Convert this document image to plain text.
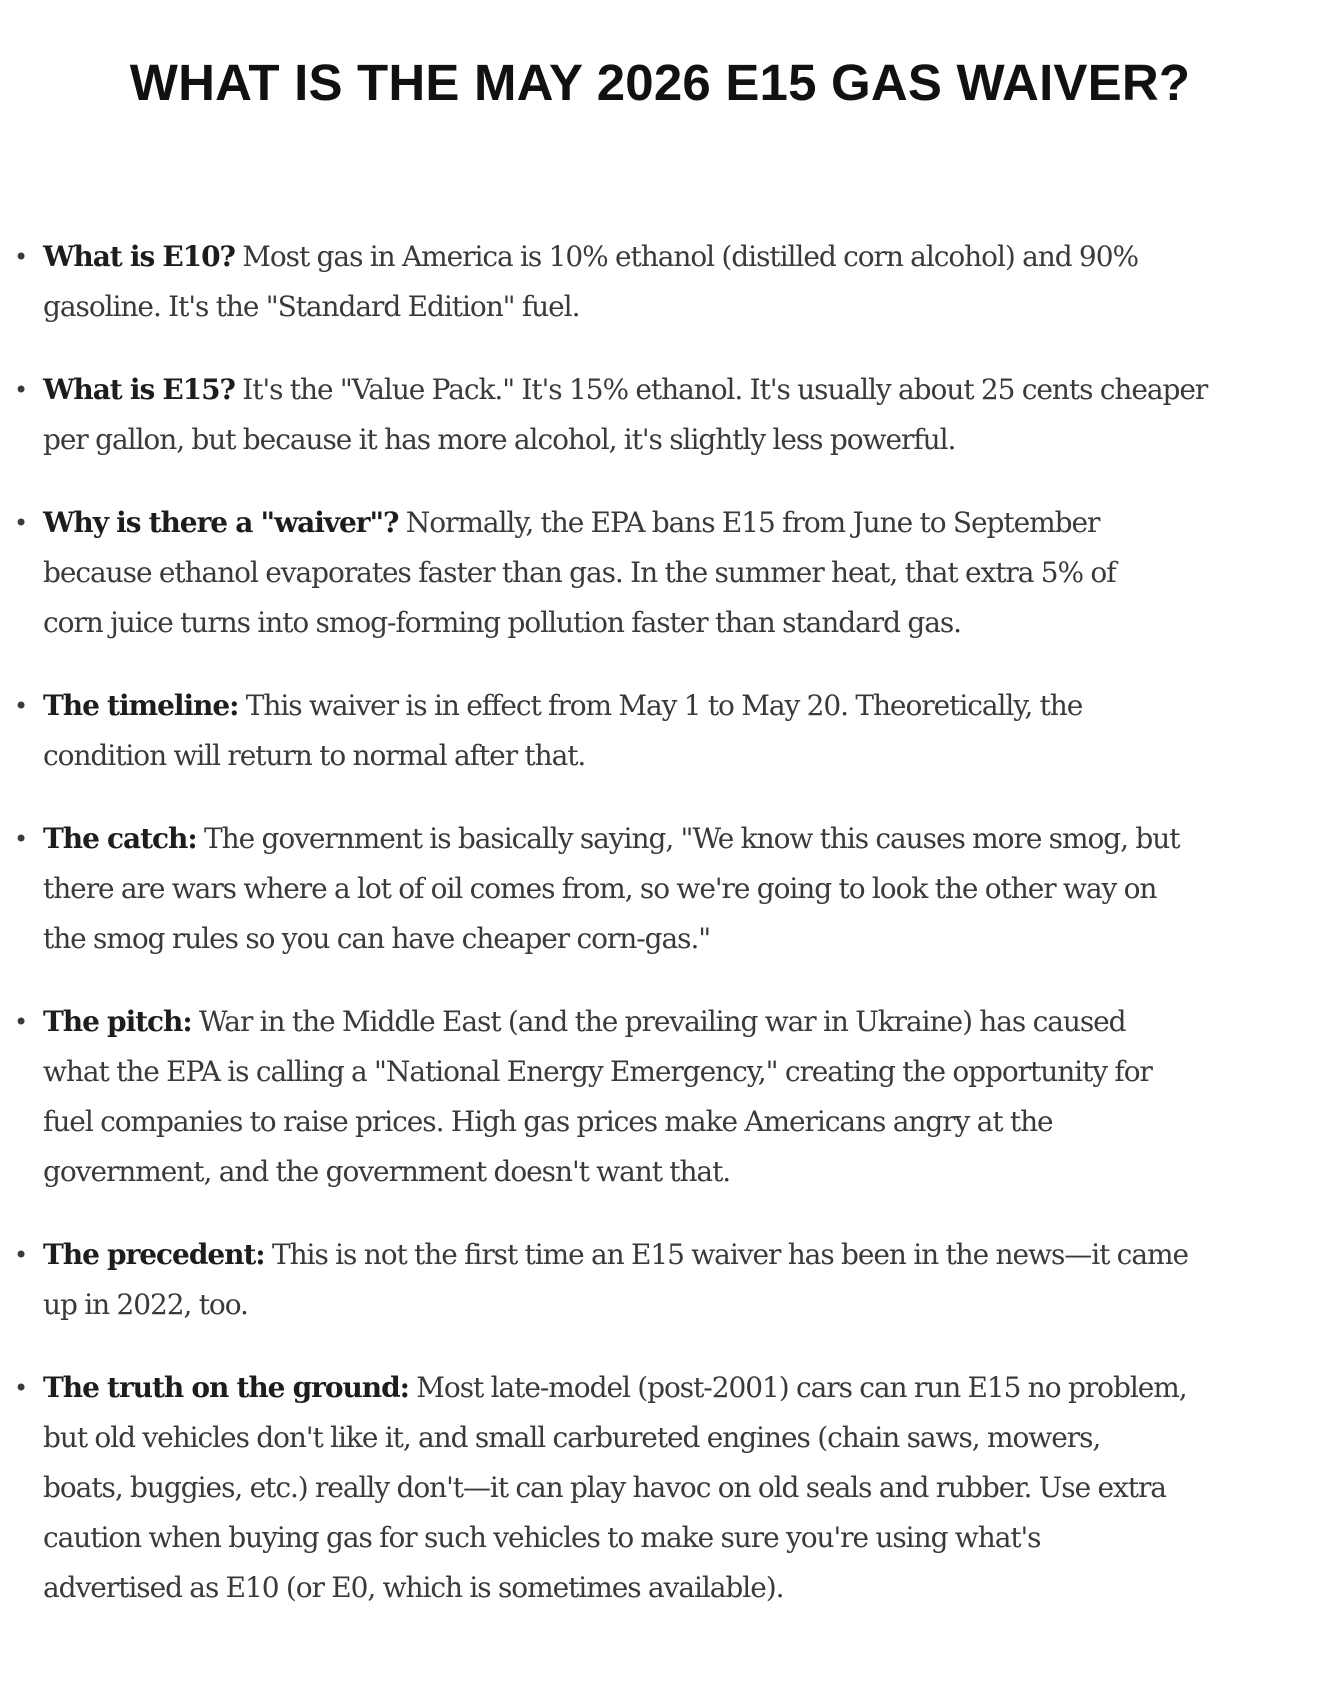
WHAT IS THE MAY 2026 E15 GAS WAIVER?
• What is E10? Most gas in America is 10% ethanol (distilled corn alcohol) and 90%
gasoline. It's the "Standard Edition" fuel.
• What is E15? It's the "Value Pack." It's 15% ethanol. It's usually about 25 cents cheaper
per gallon, but because it has more alcohol, it's slightly less powerful.
• Why is there a "waiver"? Normally, the EPA bans E15 from June to September
because ethanol evaporates faster than gas. In the summer heat, that extra 5% of
corn juice turns into smog-forming pollution faster than standard gas.
• The timeline: This waiver is in effect from May 1 to May 20. Theoretically, the
condition will return to normal after that.
• The catch: The government is basically saying, "We know this causes more smog, but
there are wars where a lot of oil comes from, so we're going to look the other way on
the smog rules so you can have cheaper corn-gas."
• The pitch: War in the Middle East (and the prevailing war in Ukraine) has caused
what the EPA is calling a "National Energy Emergency," creating the opportunity for
fuel companies to raise prices. High gas prices make Americans angry at the
government, and the government doesn't want that.
• The precedent: This is not the first time an E15 waiver has been in the news—it came
up in 2022, too.
• The truth on the ground: Most late-model (post-2001) cars can run E15 no problem,
but old vehicles don't like it, and small carbureted engines (chain saws, mowers,
boats, buggies, etc.) really don't—it can play havoc on old seals and rubber. Use extra
caution when buying gas for such vehicles to make sure you're using what's
advertised as E10 (or E0, which is sometimes available).
